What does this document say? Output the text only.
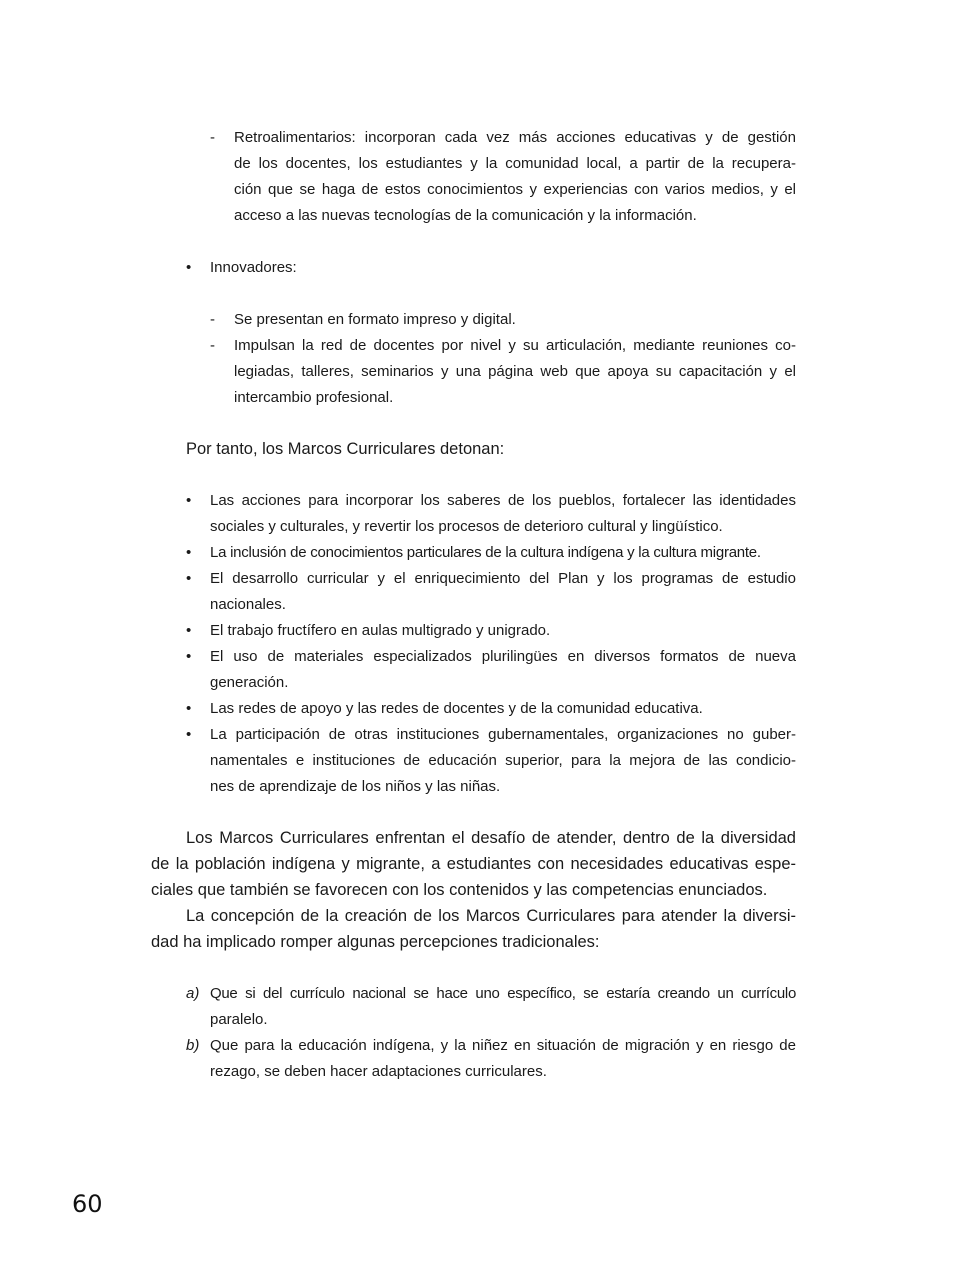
- Retroalimentarios: incorporan cada vez más acciones educativas y de gestión
de los docentes, los estudiantes y la comunidad local, a partir de la recupera-
ción que se haga de estos conocimientos y experiencias con varios medios, y el
acceso a las nuevas tecnologías de la comunicación y la información.
• Innovadores:
- Se presentan en formato impreso y digital.
- Impulsan la red de docentes por nivel y su articulación, mediante reuniones co-
legiadas, talleres, seminarios y una página web que apoya su capacitación y el
intercambio profesional.
Por tanto, los Marcos Curriculares detonan:
• Las acciones para incorporar los saberes de los pueblos, fortalecer las identidades
sociales y culturales, y revertir los procesos de deterioro cultural y lingüístico.
• La inclusión de conocimientos particulares de la cultura indígena y la cultura migrante.
• El desarrollo curricular y el enriquecimiento del Plan y los programas de estudio
nacionales.
• El trabajo fructífero en aulas multigrado y unigrado.
• El uso de materiales especializados plurilingües en diversos formatos de nueva
generación.
• Las redes de apoyo y las redes de docentes y de la comunidad educativa.
• La participación de otras instituciones gubernamentales, organizaciones no guber-
namentales e instituciones de educación superior, para la mejora de las condicio-
nes de aprendizaje de los niños y las niñas.
Los Marcos Curriculares enfrentan el desafío de atender, dentro de la diversidad
de la población indígena y migrante, a estudiantes con necesidades educativas espe-
ciales que también se favorecen con los contenidos y las competencias enunciados.
La concepción de la creación de los Marcos Curriculares para atender la diversi-
dad ha implicado romper algunas percepciones tradicionales:
a) Que si del currículo nacional se hace uno específico, se estaría creando un currículo
paralelo.
b) Que para la educación indígena, y la niñez en situación de migración y en riesgo de
rezago, se deben hacer adaptaciones curriculares.
60
